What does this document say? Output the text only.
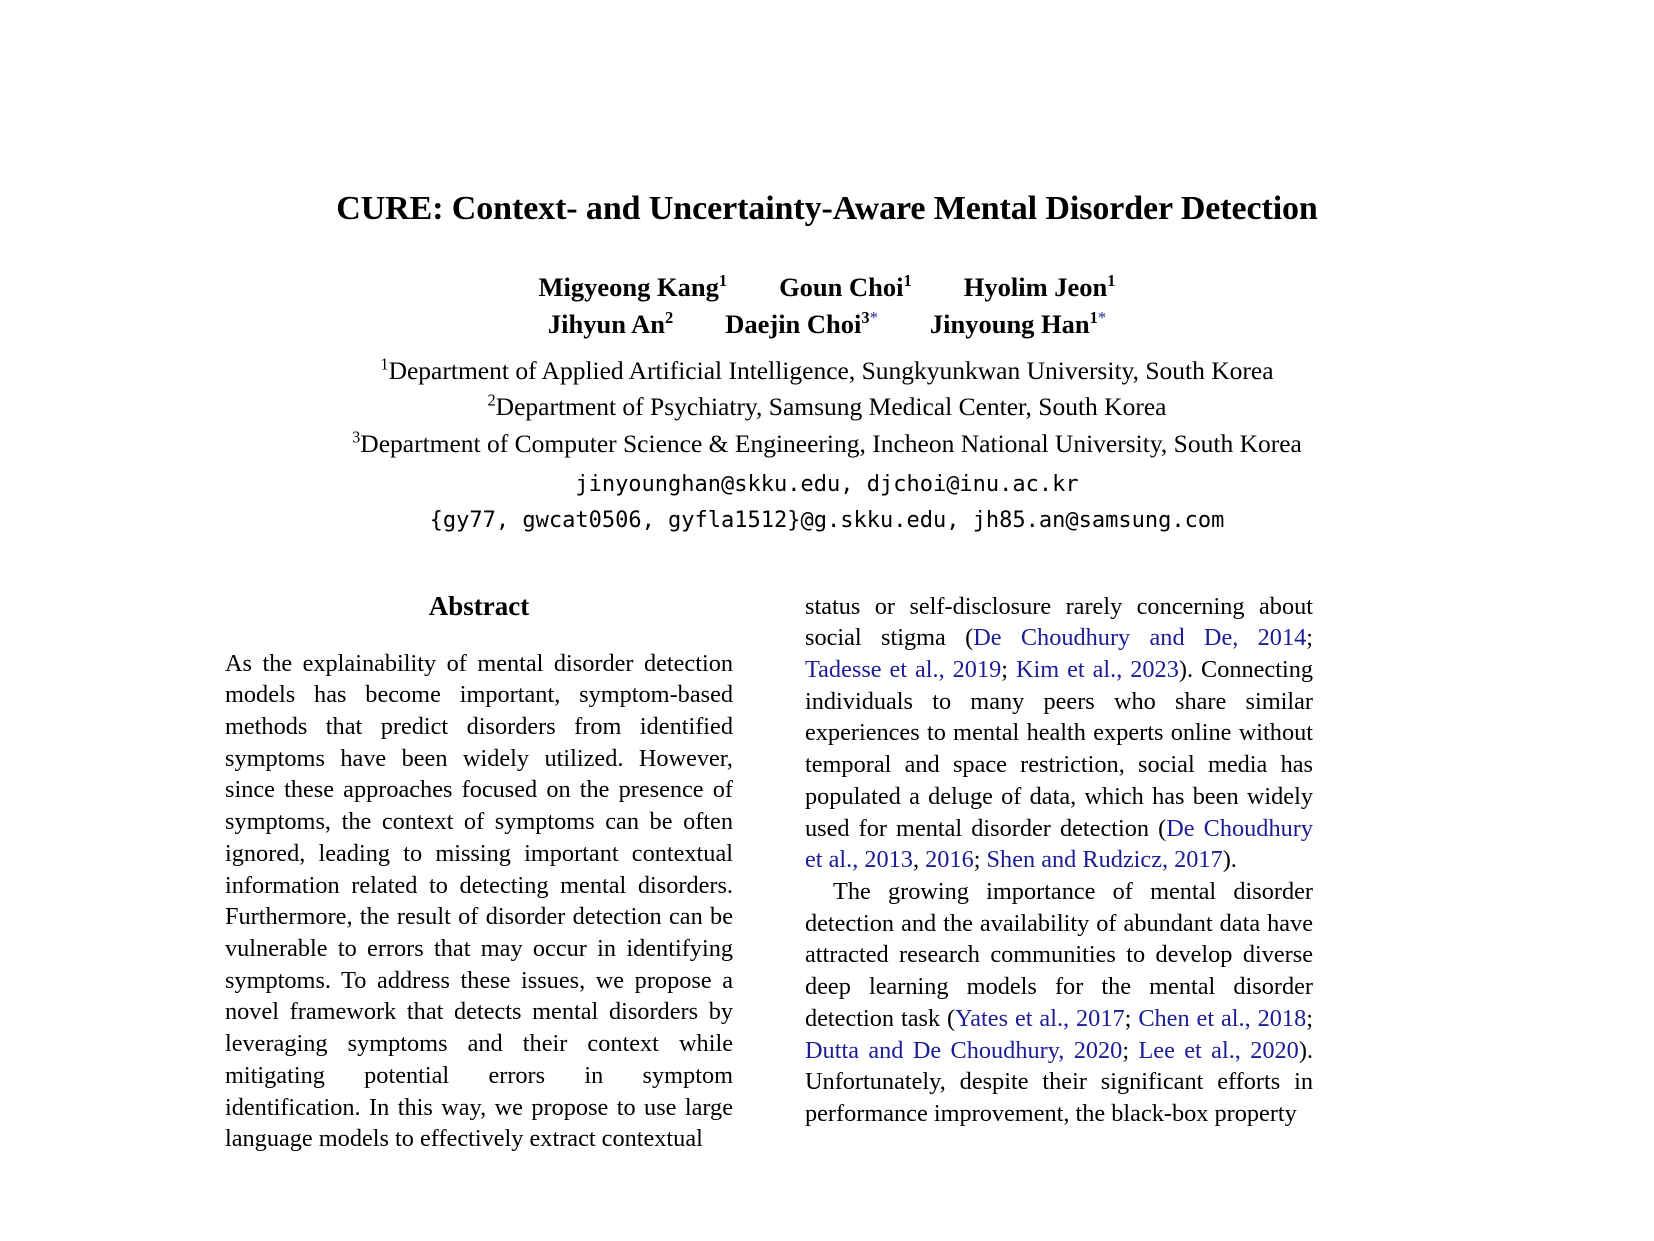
CURE: Context- and Uncertainty-Aware Mental Disorder Detection
Migyeong Kang$^1$ Goun Choi$^1$ Hyolim Jeon$^1$
Jihyun An$^2$ Daejin Choi$^{3*}$ Jinyoung Han$^{1*}$
$^1$Department of Applied Artificial Intelligence, Sungkyunkwan University, South Korea
$^2$Department of Psychiatry, Samsung Medical Center, South Korea
$^3$Department of Computer Science & Engineering, Incheon National University, South Korea
jinyounghan@skku.edu, djchoi@inu.ac.kr
{gy77, gwcat0506, gyfla1512}@g.skku.edu, jh85.an@samsung.com
Abstract

As the explainability of mental disorder detection models has become important, symptom-based methods that predict disorders from identified symptoms have been widely utilized. However, since these approaches focused on the presence of symptoms, the context of symptoms can be often ignored, leading to missing important contextual information related to detecting mental disorders. Furthermore, the result of disorder detection can be vulnerable to errors that may occur in identifying symptoms. To address these issues, we propose a novel framework that detects mental disorders by leveraging symptoms and their context while mitigating potential errors in symptom identification. In this way, we propose to use large language models to effectively extract contextual

status or self-disclosure rarely concerning about social stigma (De Choudhury and De, 2014; Tadesse et al., 2019; Kim et al., 2023). Connecting individuals to many peers who share similar experiences to mental health experts online without temporal and space restriction, social media has populated a deluge of data, which has been widely used for mental disorder detection (De Choudhury et al., 2013, 2016; Shen and Rudzicz, 2017).

The growing importance of mental disorder detection and the availability of abundant data have attracted research communities to develop diverse deep learning models for the mental disorder detection task (Yates et al., 2017; Chen et al., 2018; Dutta and De Choudhury, 2020; Lee et al., 2020). Unfortunately, despite their significant efforts in performance improvement, the black-box property
